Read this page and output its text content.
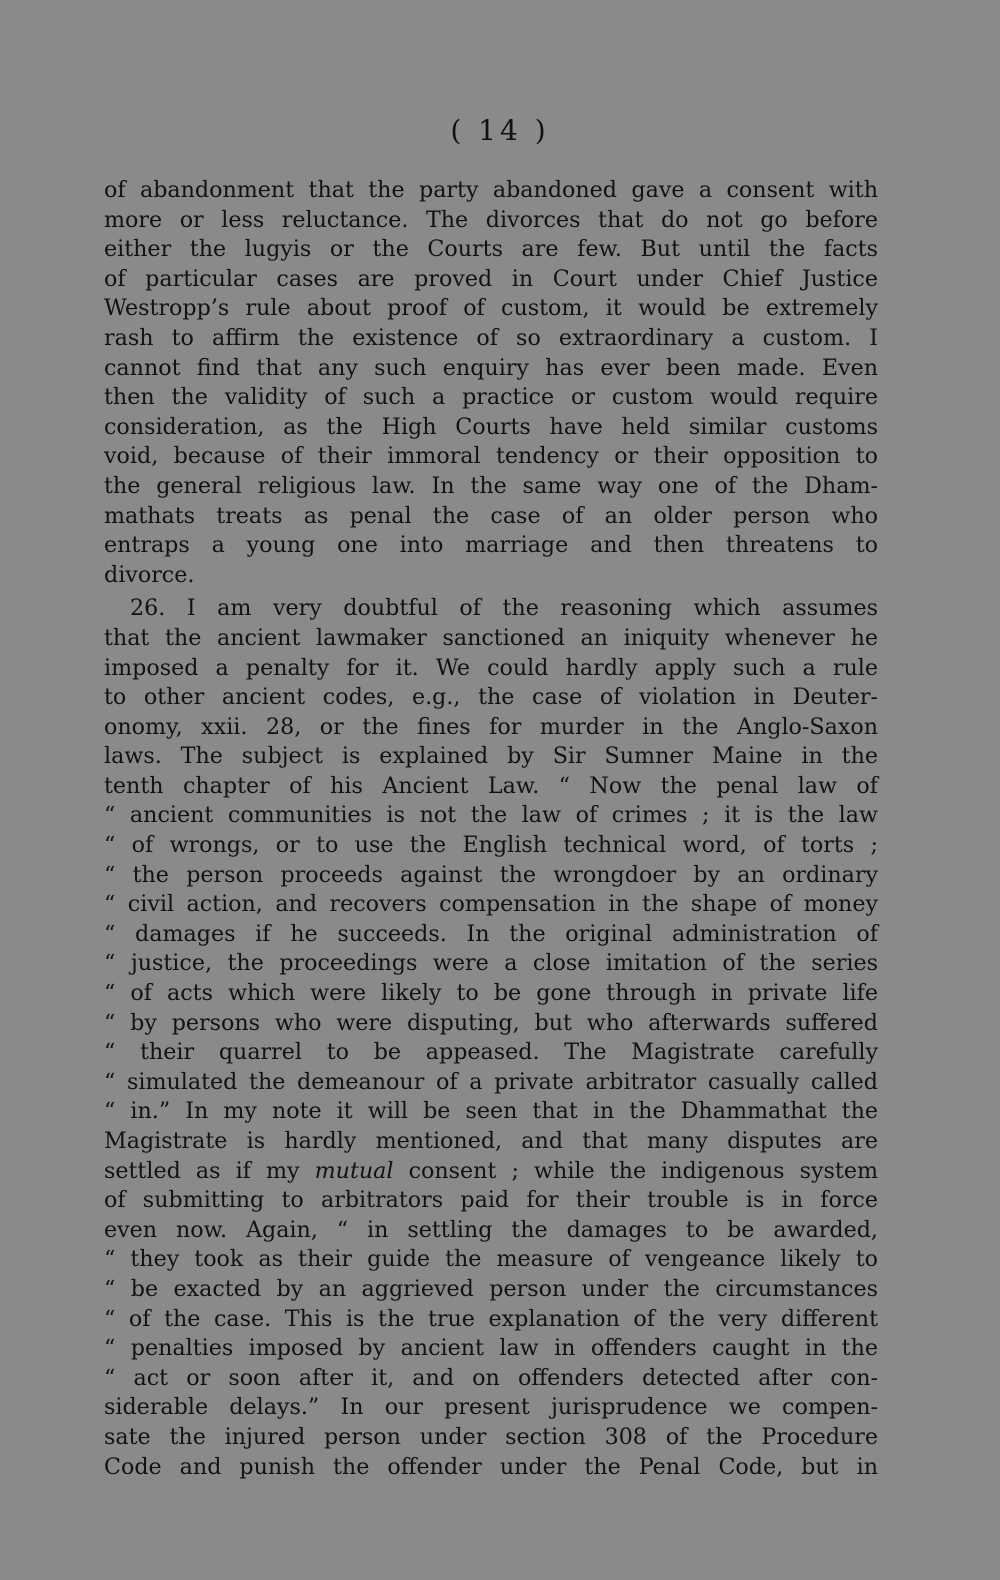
( 14 )
of abandonment that the party abandoned gave a consent with
more or less reluctance. The divorces that do not go before
either the lugyis or the Courts are few. But until the facts
of particular cases are proved in Court under Chief Justice
Westropp’s rule about proof of custom, it would be extremely
rash to affirm the existence of so extraordinary a custom. I
cannot find that any such enquiry has ever been made. Even
then the validity of such a practice or custom would require
consideration, as the High Courts have held similar customs
void, because of their immoral tendency or their opposition to
the general religious law. In the same way one of the Dham-
mathats treats as penal the case of an older person who
entraps a young one into marriage and then threatens to
divorce.
26. I am very doubtful of the reasoning which assumes
that the ancient lawmaker sanctioned an iniquity whenever he
imposed a penalty for it. We could hardly apply such a rule
to other ancient codes, e.g., the case of violation in Deuter-
onomy, xxii. 28, or the fines for murder in the Anglo-Saxon
laws. The subject is explained by Sir Sumner Maine in the
tenth chapter of his Ancient Law. “ Now the penal law of
“ ancient communities is not the law of crimes ; it is the law
“ of wrongs, or to use the English technical word, of torts ;
“ the person proceeds against the wrongdoer by an ordinary
“ civil action, and recovers compensation in the shape of money
“ damages if he succeeds. In the original administration of
“ justice, the proceedings were a close imitation of the series
“ of acts which were likely to be gone through in private life
“ by persons who were disputing, but who afterwards suffered
“ their quarrel to be appeased. The Magistrate carefully
“ simulated the demeanour of a private arbitrator casually called
“ in.” In my note it will be seen that in the Dhammathat the
Magistrate is hardly mentioned, and that many disputes are
settled as if my mutual consent ; while the indigenous system
of submitting to arbitrators paid for their trouble is in force
even now. Again, “ in settling the damages to be awarded,
“ they took as their guide the measure of vengeance likely to
“ be exacted by an aggrieved person under the circumstances
“ of the case. This is the true explanation of the very different
“ penalties imposed by ancient law in offenders caught in the
“ act or soon after it, and on offenders detected after con-
siderable delays.” In our present jurisprudence we compen-
sate the injured person under section 308 of the Procedure
Code and punish the offender under the Penal Code, but in
